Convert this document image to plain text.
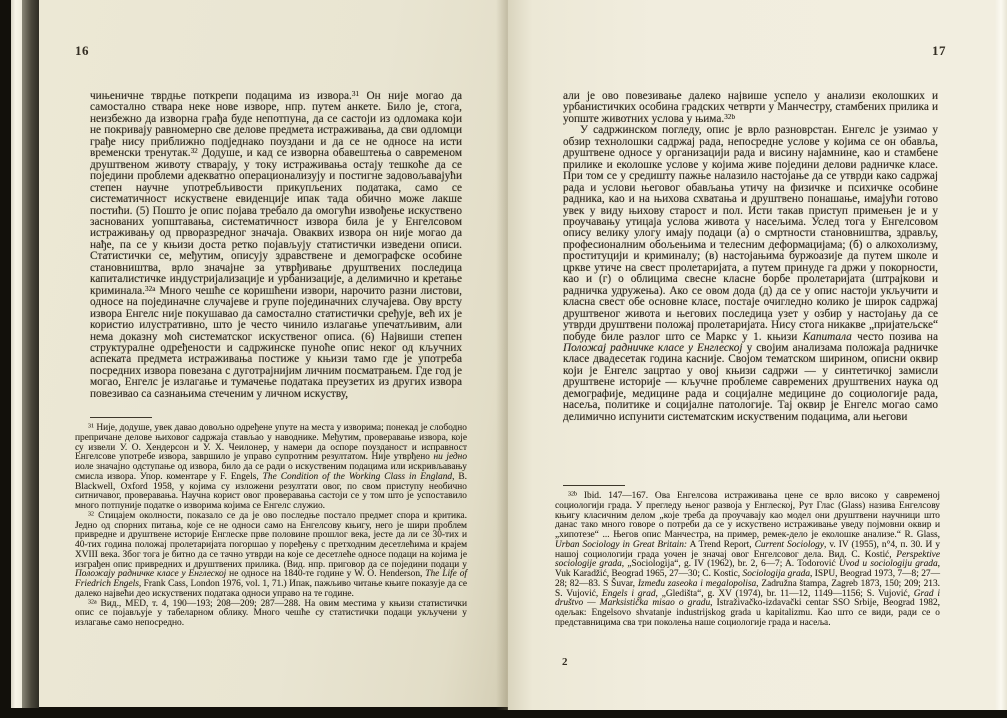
16

чињеничне тврдње поткрепи подацима из извора.$^{31}$ Он није могао да самостално ствара неке нове изворе, нпр. путем анкете. Било је, стога, неизбежно да изворна грађа буде непотпуна, да се састоји из одломака који не покривају равномерно све делове предмета истраживања, да сви одломци грађе нису приближно подједнако поуздани и да се не односе на исти временски тренутак.$^{32}$ Додуше, и кад се изворна обавештења о савременом друштвеном животу стварају, у току истраживања остају тешкоће да се поједини проблеми адекватно операционализују и постигне задовољавајући степен научне употребљивости прикупљених података, само се систематичност искуствене евиденције ипак тада обично може лакше постићи. (5) Пошто је опис појава требало да омогући извођење искуствено заснованих уопштавања, систематичност извора била је у Енгелсовом истраживању од прворазредног значаја. Оваквих извора он није могао да нађе, па се у књизи доста ретко појављују статистички изведени описи. Статистички се, међутим, описују здравствене и демографске особине становништва, врло значајне за утврђивање друштвених последица капиталистичке индустријализације и урбанизације, а делимично и кретање криминала.$^{32a}$ Много чешће се коришћени извори, нарочито разни листови, односе на појединачне случајеве и групе појединачних случајева. Ову врсту извора Енгелс није покушавао да самостално статистички сређује, већ их је користио илустративно, што је често чинило излагање упечатљивим, али нема доказну моћ систематског искуственог описа. (6) Највиши степен структуралне одређености и садржинске пуноће опис неког од кључних аспеката предмета истраживања постиже у књизи тамо где је употреба посредних извора повезана с дуготрајнијим личним посматрањем. Где год је могао, Енгелс је излагање и тумачење података преузетих из других извора повезивао са сазнањима стеченим у личном искуству,

$^{31}$ Није, додуше, увек давао довољно одређене упуте на места у изворима; понекад је слободно препричане делове њиховог садржаја стављао у наводнике. Међутим, проверавање извора, које су извели У. О. Хендерсон и У. Х. Чеилонер, у намери да оспоре поузданост и исправност Енгелсове употребе извора, завршило је управо супротним резултатом. Није утврђено ни једно иоле значајно одступање од извора, било да се ради о искуственим подацима или искривљавању смисла извора. Упор. коментаре у F. Engels, The Condition of the Working Class in England, B. Blackwell, Oxford 1958, у којима су изложени резултати овог, по свом приступу необично ситничавог, проверавања. Научна корист овог проверавања састоји се у том што је успоставило много потпуније податке о изворима којима се Енгелс служио.

$^{32}$ Стицајем околности, показало се да је ово последње постало предмет спора и критика. Једно од спорних питања, које се не односи само на Енгелсову књигу, него је шири проблем привредне и друштвене историје Енглеске прве половине прошлог века, јесте да ли се 30-тих и 40-тих година положај пролетаријата погоршао у поређењу с претходним десетлећима и крајем XVIII века. Због тога је битно да се тачно утврди на које се десетлеће односе подаци на којима је изграђен опис привредних и друштвених прилика. (Вид. нпр. приговор да се поједини подаци у Положају радничке класе у Енглеској не односе на 1840-те године у W. O. Henderson, The Life of Friedrich Engels, Frank Cass, London 1976, vol. 1, 71.) Ипак, пажљиво читање књиге показује да се далеко највећи део искуствених података односи управо на те године.

$^{32a}$ Вид., MED, т. 4, 190—193; 208—209; 287—288. На овим местима у књизи статистички опис се појављује у табеларном облику. Много чешће су статистички подаци укључени у излагање само непосредно.

17

али је ово повезивање далеко највише успело у анализи еколошких и урбанистичких особина градских четврти у Манчестру, стамбених прилика и уопште животних услова у њима.$^{32b}$

У садржинском погледу, опис је врло разноврстан. Енгелс је узимао у обзир технолошки садржај рада, непосредне услове у којима се он обавља, друштвене односе у организацији рада и висину најамнине, као и стамбене прилике и еколошке услове у којима живе поједини делови радничке класе. При том се у средишту пажње налазило настојање да се утврди како садржај рада и услови његовог обављања утичу на физичке и психичке особине радника, као и на њихова схватања и друштвено понашање, имајући готово увек у виду њихову старост и пол. Исти такав приступ примењен је и у проучавању утицаја услова живота у насељима. Услед тога у Енгелсовом опису велику улогу имају подаци (а) о смртности становништва, здрављу, професионалним обољењима и телесним деформацијама; (б) о алкохолизму, проституцији и криминалу; (в) настојањима буржоазије да путем школе и цркве утиче на свест пролетаријата, а путем принуде га држи у покорности, као и (г) о облицима свесне класне борбе пролетаријата (штрајкови и радничка удружења). Ако се овом дода (д) да се у опис настоји укључити и класна свест обе основне класе, постаје очигледно колико је широк садржај друштвеног живота и његових последица узет у озбир у настојању да се утврди друштвени положај пролетаријата. Нису стога никакве „пријатељске“ побуде биле разлог што се Маркс у 1. књизи Капитала често позива на Положај радничке класе у Енглеској у својим анализама положаја радничке класе двадесетак година касније. Својом тематском ширином, описни оквир који је Енгелс зацртао у овој књизи садржи — у синтетичкој замисли друштвене историје — кључне проблеме савремених друштвених наука од демографије, медицине рада и социјалне медицине до социологије рада, насеља, политике и социјалне патологије. Тај оквир је Енгелс могао само делимично испунити систематским искуственим подацима, али његови

$^{32b}$ Ibid. 147—167. Ова Енгелсова истраживања цене се врло високо у савременој социологији града. У прегледу њеног развоја у Енглеској, Рут Глас (Glass) назива Енгелсову књигу класичним делом „које треба да проучавају као модел они друштвени научници што данас тако много говоре о потреби да се у искуствено истраживање уведу појмовни оквир и „хипотезе“ ... Његов опис Манчестра, на пример, ремек-дело је еколошке анализе.“ R. Glass, Urban Sociology in Great Britain: A Trend Report, Current Sociology, v. IV (1955), n°4, п. 30. И у нашој социологији града уочен је значај овог Енгелсовог дела. Вид. C. Kostić, Perspektive sociologije grada, „Sociologija“, g. IV (1962), br. 2, 6—7; A. Todorović Uvod u sociologiju grada, Vuk Karadžić, Beograd 1965, 27—30; C. Kostic, Sociologija grada, ISPU, Beograd 1973, 7—8; 27—28; 82—83. S Šuvar, Između zaseoka i megalopolisa, Zadružna štampa, Zagreb 1873, 150; 209; 213. S. Vujović, Engels i grad, „Gledišta“, g. XV (1974), br. 11—12, 1149—1156; S. Vujović, Grad i društvo — Marksistička misao o gradu, Istraživačko-izdavački centar SSO Srbije, Beograd 1982, одељак: Engelsovo shvatanje industrijskog grada u kapitalizmu. Као што се види, ради се о представницима сва три поколења наше социологије града и насеља.

2
